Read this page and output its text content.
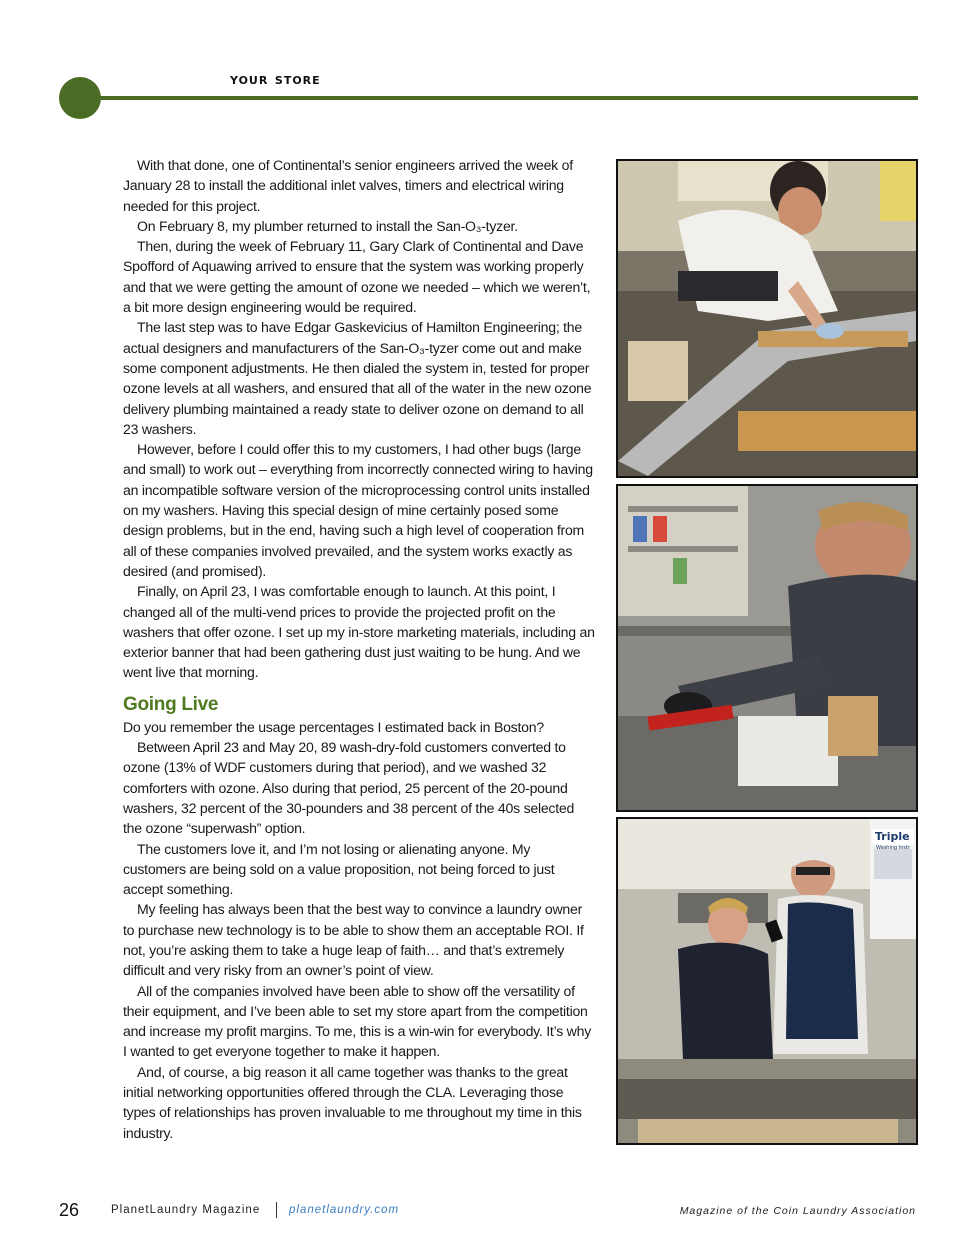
your store

With that done, one of Continental’s senior engineers arrived the week of January 28 to install the additional inlet valves, timers and electrical wiring needed for this project.

On February 8, my plumber returned to install the San-O₃-tyzer.

Then, during the week of February 11, Gary Clark of Continental and Dave Spofford of Aquawing arrived to ensure that the system was working properly and that we were getting the amount of ozone we needed – which we weren’t, a bit more design engineering would be required.

The last step was to have Edgar Gaskevicius of Hamilton Engineering; the actual designers and manufacturers of the San-O₃-tyzer come out and make some component adjustments. He then dialed the system in, tested for proper ozone levels at all washers, and ensured that all of the water in the new ozone delivery plumbing maintained a ready state to deliver ozone on demand to all 23 washers.

However, before I could offer this to my customers, I had other bugs (large and small) to work out – everything from incorrectly connected wiring to having an incompatible software version of the microprocessing control units installed on my washers. Having this special design of mine certainly posed some design problems, but in the end, having such a high level of cooperation from all of these companies involved prevailed, and the system works exactly as desired (and promised).

Finally, on April 23, I was comfortable enough to launch. At this point, I changed all of the multi-vend prices to provide the projected profit on the washers that offer ozone. I set up my in-store marketing materials, including an exterior banner that had been gathering dust just waiting to be hung. And we went live that morning.

Going Live

Do you remember the usage percentages I estimated back in Boston?

Between April 23 and May 20, 89 wash-dry-fold customers converted to ozone (13% of WDF customers during that period), and we washed 32 comforters with ozone. Also during that period, 25 percent of the 20-pound washers, 32 percent of the 30-pounders and 38 percent of the 40s selected the ozone “superwash” option.

The customers love it, and I’m not losing or alienating anyone. My customers are being sold on a value proposition, not being forced to just accept something.

My feeling has always been that the best way to convince a laundry owner to purchase new technology is to be able to show them an acceptable ROI. If not, you’re asking them to take a huge leap of faith… and that’s extremely difficult and very risky from an owner’s point of view.

All of the companies involved have been able to show off the versatility of their equipment, and I’ve been able to set my store apart from the competition and increase my profit margins. To me, this is a win-win for everybody. It’s why I wanted to get everyone together to make it happen.

And, of course, a big reason it all came together was thanks to the great initial networking opportunities offered through the CLA. Leveraging those types of relationships has proven invaluable to me throughout my time in this industry.

Triple
Washing Instr
26	PlanetLaundry Magazine	planetlaundry.com	Magazine of the Coin Laundry Association
